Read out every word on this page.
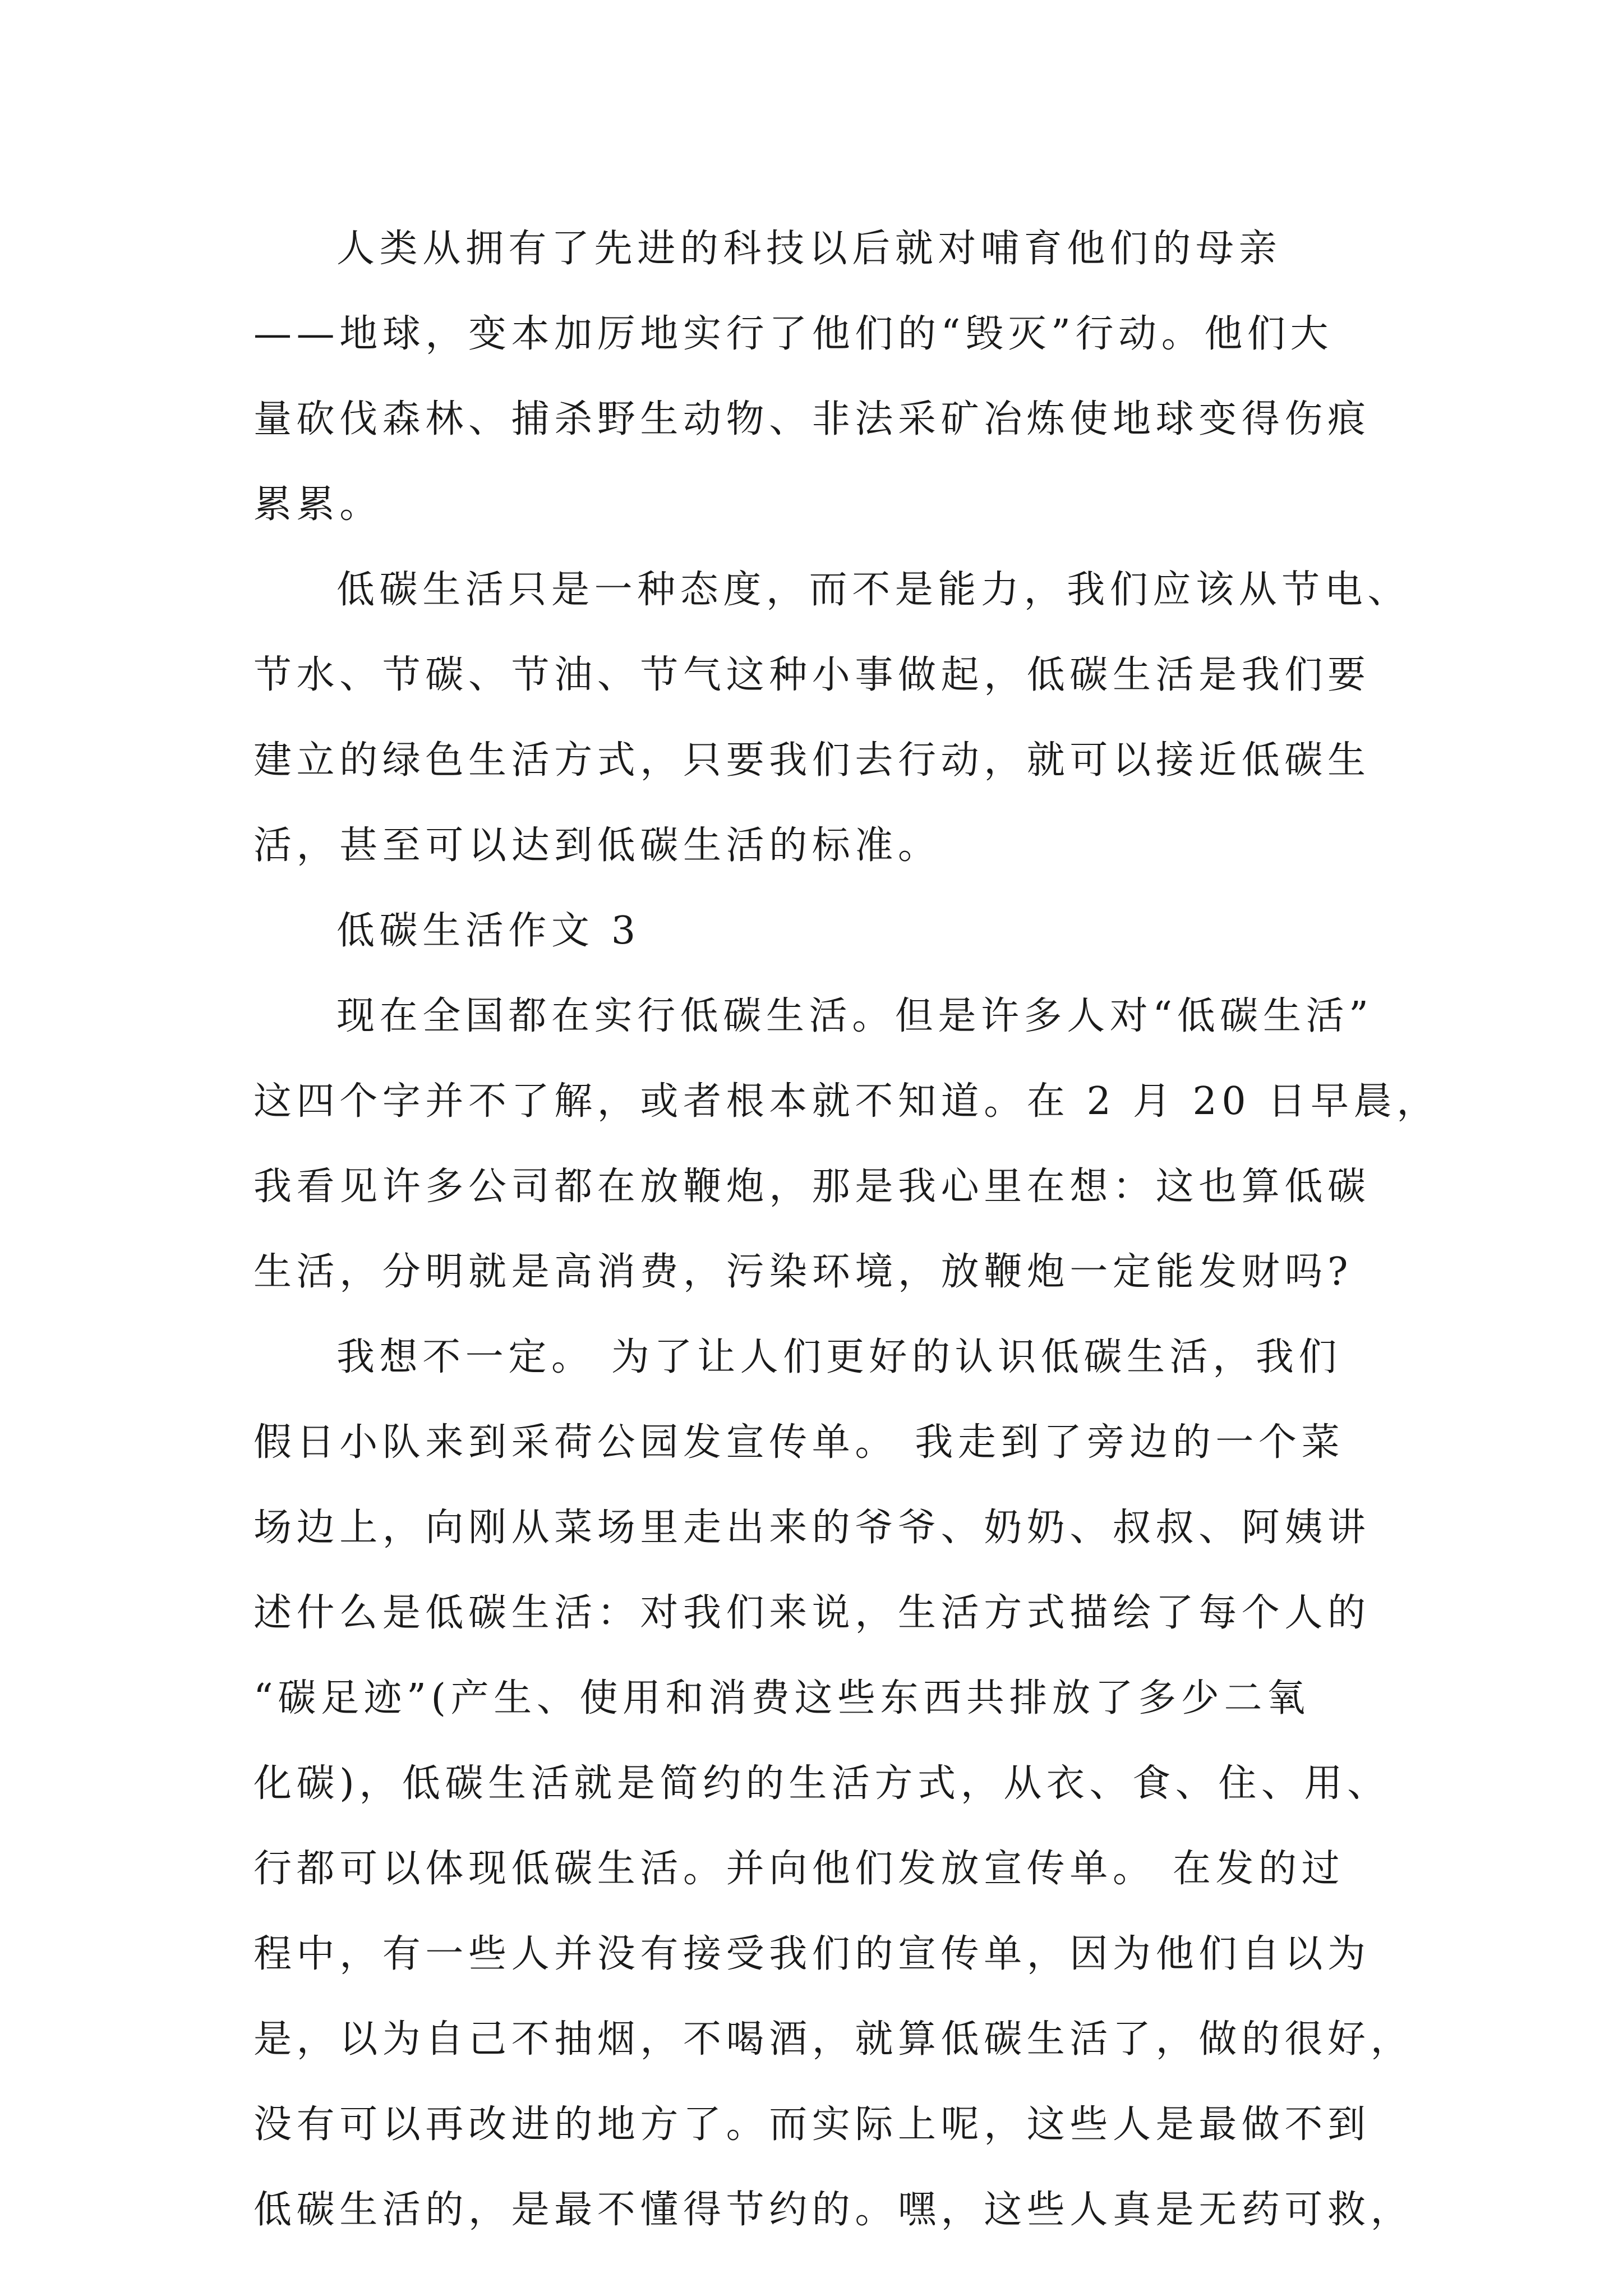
人类从拥有了先进的科技以后就对哺育他们的母亲
——地球，变本加厉地实行了他们的“毁灭”行动。他们大
量砍伐森林、捕杀野生动物、非法采矿冶炼使地球变得伤痕
累累。
低碳生活只是一种态度，而不是能力，我们应该从节电、
节水、节碳、节油、节气这种小事做起，低碳生活是我们要
建立的绿色生活方式，只要我们去行动，就可以接近低碳生
活，甚至可以达到低碳生活的标准。
低碳生活作文 3
现在全国都在实行低碳生活。但是许多人对“低碳生活”
这四个字并不了解，或者根本就不知道。在 2 月 20 日早晨，
我看见许多公司都在放鞭炮，那是我心里在想：这也算低碳
生活，分明就是高消费，污染环境，放鞭炮一定能发财吗?
我想不一定。 为了让人们更好的认识低碳生活，我们
假日小队来到采荷公园发宣传单。 我走到了旁边的一个菜
场边上，向刚从菜场里走出来的爷爷、奶奶、叔叔、阿姨讲
述什么是低碳生活：对我们来说，生活方式描绘了每个人的
“碳足迹”(产生、使用和消费这些东西共排放了多少二氧
化碳)，低碳生活就是简约的生活方式，从衣、食、住、用、
行都可以体现低碳生活。并向他们发放宣传单。 在发的过
程中，有一些人并没有接受我们的宣传单，因为他们自以为
是，以为自己不抽烟，不喝酒，就算低碳生活了，做的很好，
没有可以再改进的地方了。而实际上呢，这些人是最做不到
低碳生活的，是最不懂得节约的。嘿，这些人真是无药可救，
